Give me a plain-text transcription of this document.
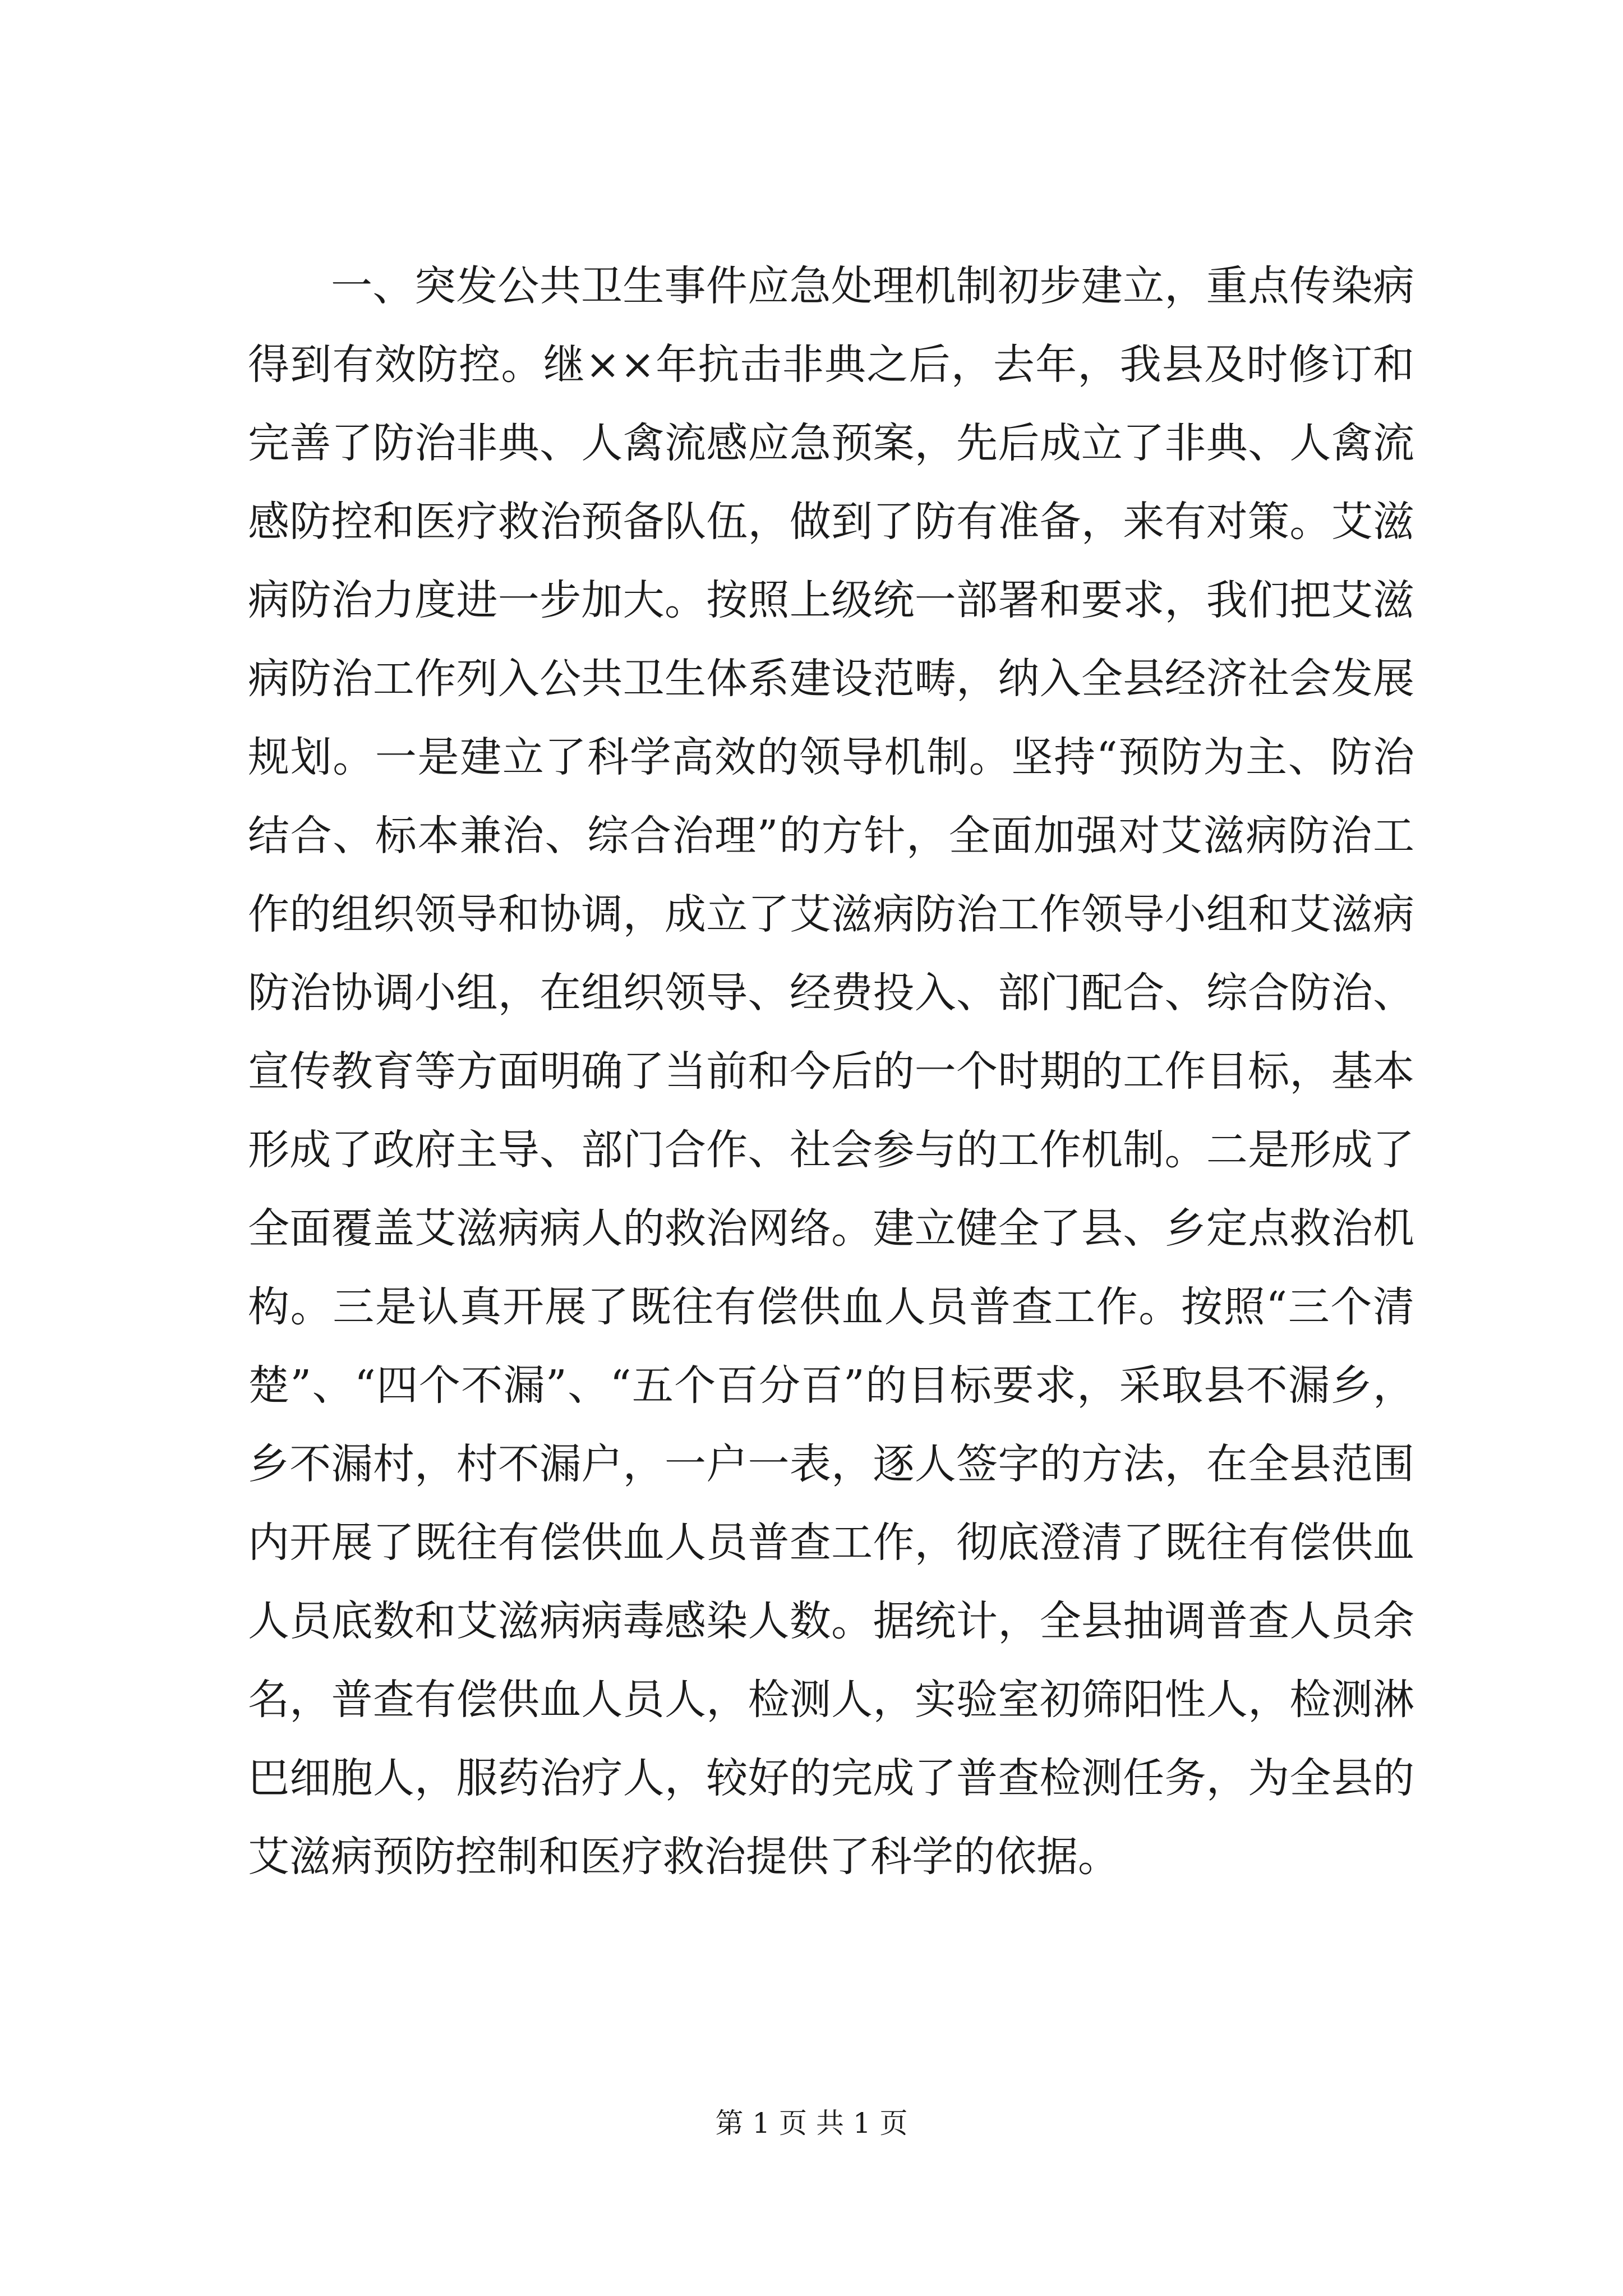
一、突发公共卫生事件应急处理机制初步建立，重点传染病
得到有效防控。继××年抗击非典之后，去年，我县及时修订和
完善了防治非典、人禽流感应急预案，先后成立了非典、人禽流
感防控和医疗救治预备队伍，做到了防有准备，来有对策。艾滋
病防治力度进一步加大。按照上级统一部署和要求，我们把艾滋
病防治工作列入公共卫生体系建设范畴，纳入全县经济社会发展
规划。一是建立了科学高效的领导机制。坚持“预防为主、防治
结合、标本兼治、综合治理”的方针，全面加强对艾滋病防治工
作的组织领导和协调，成立了艾滋病防治工作领导小组和艾滋病
防治协调小组，在组织领导、经费投入、部门配合、综合防治、
宣传教育等方面明确了当前和今后的一个时期的工作目标，基本
形成了政府主导、部门合作、社会参与的工作机制。二是形成了
全面覆盖艾滋病病人的救治网络。建立健全了县、乡定点救治机
构。三是认真开展了既往有偿供血人员普查工作。按照“三个清
楚”、“四个不漏”、“五个百分百”的目标要求，采取县不漏乡，
乡不漏村，村不漏户，一户一表，逐人签字的方法，在全县范围
内开展了既往有偿供血人员普查工作，彻底澄清了既往有偿供血
人员底数和艾滋病病毒感染人数。据统计，全县抽调普查人员余
名，普查有偿供血人员人，检测人，实验室初筛阳性人，检测淋
巴细胞人，服药治疗人，较好的完成了普查检测任务，为全县的
艾滋病预防控制和医疗救治提供了科学的依据。
第 1 页 共 1 页
